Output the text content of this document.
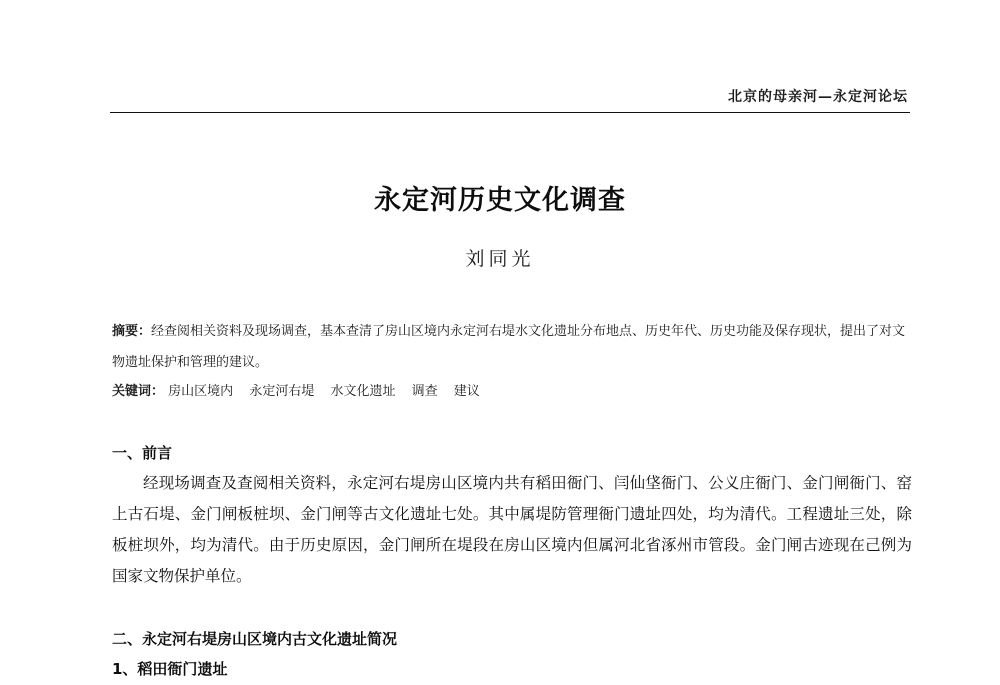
北京的母亲河—永定河论坛
永定河历史文化调查
刘同光
摘要：经查阅相关资料及现场调查，基本查清了房山区境内永定河右堤水文化遗址分布地点、历史年代、历史功能及保存现状，提出了对文物遗址保护和管理的建议。
关键词： 房山区境内 永定河右堤 水文化遗址 调查 建议
一、前言
经现场调查及查阅相关资料，永定河右堤房山区境内共有稻田衙门、闫仙垡衙门、公义庄衙门、金门闸衙门、窑上古石堤、金门闸板桩坝、金门闸等古文化遗址七处。其中属堤防管理衙门遗址四处，均为清代。工程遗址三处，除板桩坝外，均为清代。由于历史原因，金门闸所在堤段在房山区境内但属河北省涿州市管段。金门闸古迹现在己例为国家文物保护单位。
二、永定河右堤房山区境内古文化遗址简况
1、稻田衙门遗址
